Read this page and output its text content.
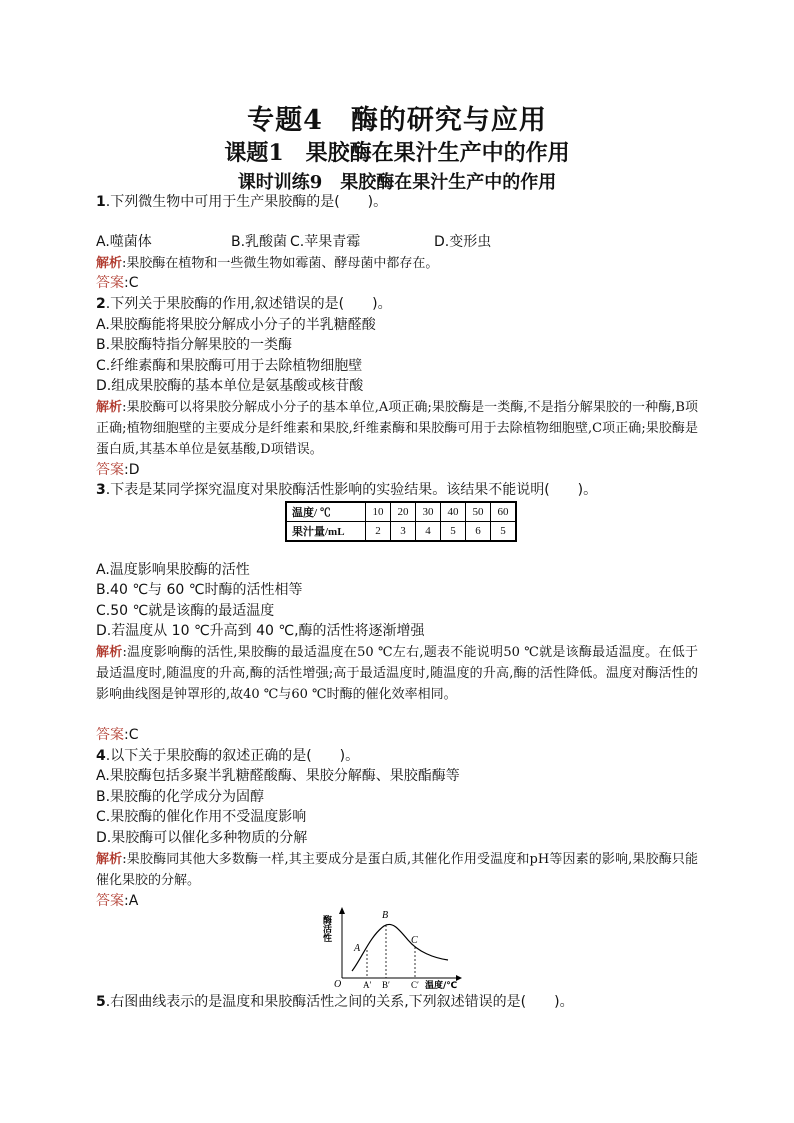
专题4　酶的研究与应用
课题1　果胶酶在果汁生产中的作用
课时训练9　果胶酶在果汁生产中的作用
1.下列微生物中可用于生产果胶酶的是(　　)。
A.噬菌体	B.乳酸菌 C.苹果青霉	D.变形虫
解析:果胶酶在植物和一些微生物如霉菌、酵母菌中都存在。
答案:C
2.下列关于果胶酶的作用,叙述错误的是(　　)。
A.果胶酶能将果胶分解成小分子的半乳糖醛酸
B.果胶酶特指分解果胶的一类酶
C.纤维素酶和果胶酶可用于去除植物细胞壁
D.组成果胶酶的基本单位是氨基酸或核苷酸
解析:果胶酶可以将果胶分解成小分子的基本单位,A项正确;果胶酶是一类酶,不是指分解果胶的一种酶,B项正确;植物细胞壁的主要成分是纤维素和果胶,纤维素酶和果胶酶可用于去除植物细胞壁,C项正确;果胶酶是蛋白质,其基本单位是氨基酸,D项错误。
答案:D
3.下表是某同学探究温度对果胶酶活性影响的实验结果。该结果不能说明(　　)。
温度/ ℃	10	20	30	40	50	60
果汁量/mL	2	3	4	5	6	5
A.温度影响果胶酶的活性
B.40 ℃与 60 ℃时酶的活性相等
C.50 ℃就是该酶的最适温度
D.若温度从 10 ℃升高到 40 ℃,酶的活性将逐渐增强
解析:温度影响酶的活性,果胶酶的最适温度在50 ℃左右,题表不能说明50 ℃就是该酶最适温度。在低于最适温度时,随温度的升高,酶的活性增强;高于最适温度时,随温度的升高,酶的活性降低。温度对酶活性的影响曲线图是钟罩形的,故40 ℃与60 ℃时酶的催化效率相同。
答案:C
4.以下关于果胶酶的叙述正确的是(　　)。
A.果胶酶包括多聚半乳糖醛酸酶、果胶分解酶、果胶酯酶等
B.果胶酶的化学成分为固醇
C.果胶酶的催化作用不受温度影响
D.果胶酶可以催化多种物质的分解
解析:果胶酶同其他大多数酶一样,其主要成分是蛋白质,其催化作用受温度和pH等因素的影响,果胶酶只能催化果胶的分解。
答案:A
酶活性
O
A
B
C
A′ B′ C′ 温度/℃
5.右图曲线表示的是温度和果胶酶活性之间的关系,下列叙述错误的是(　　)。
